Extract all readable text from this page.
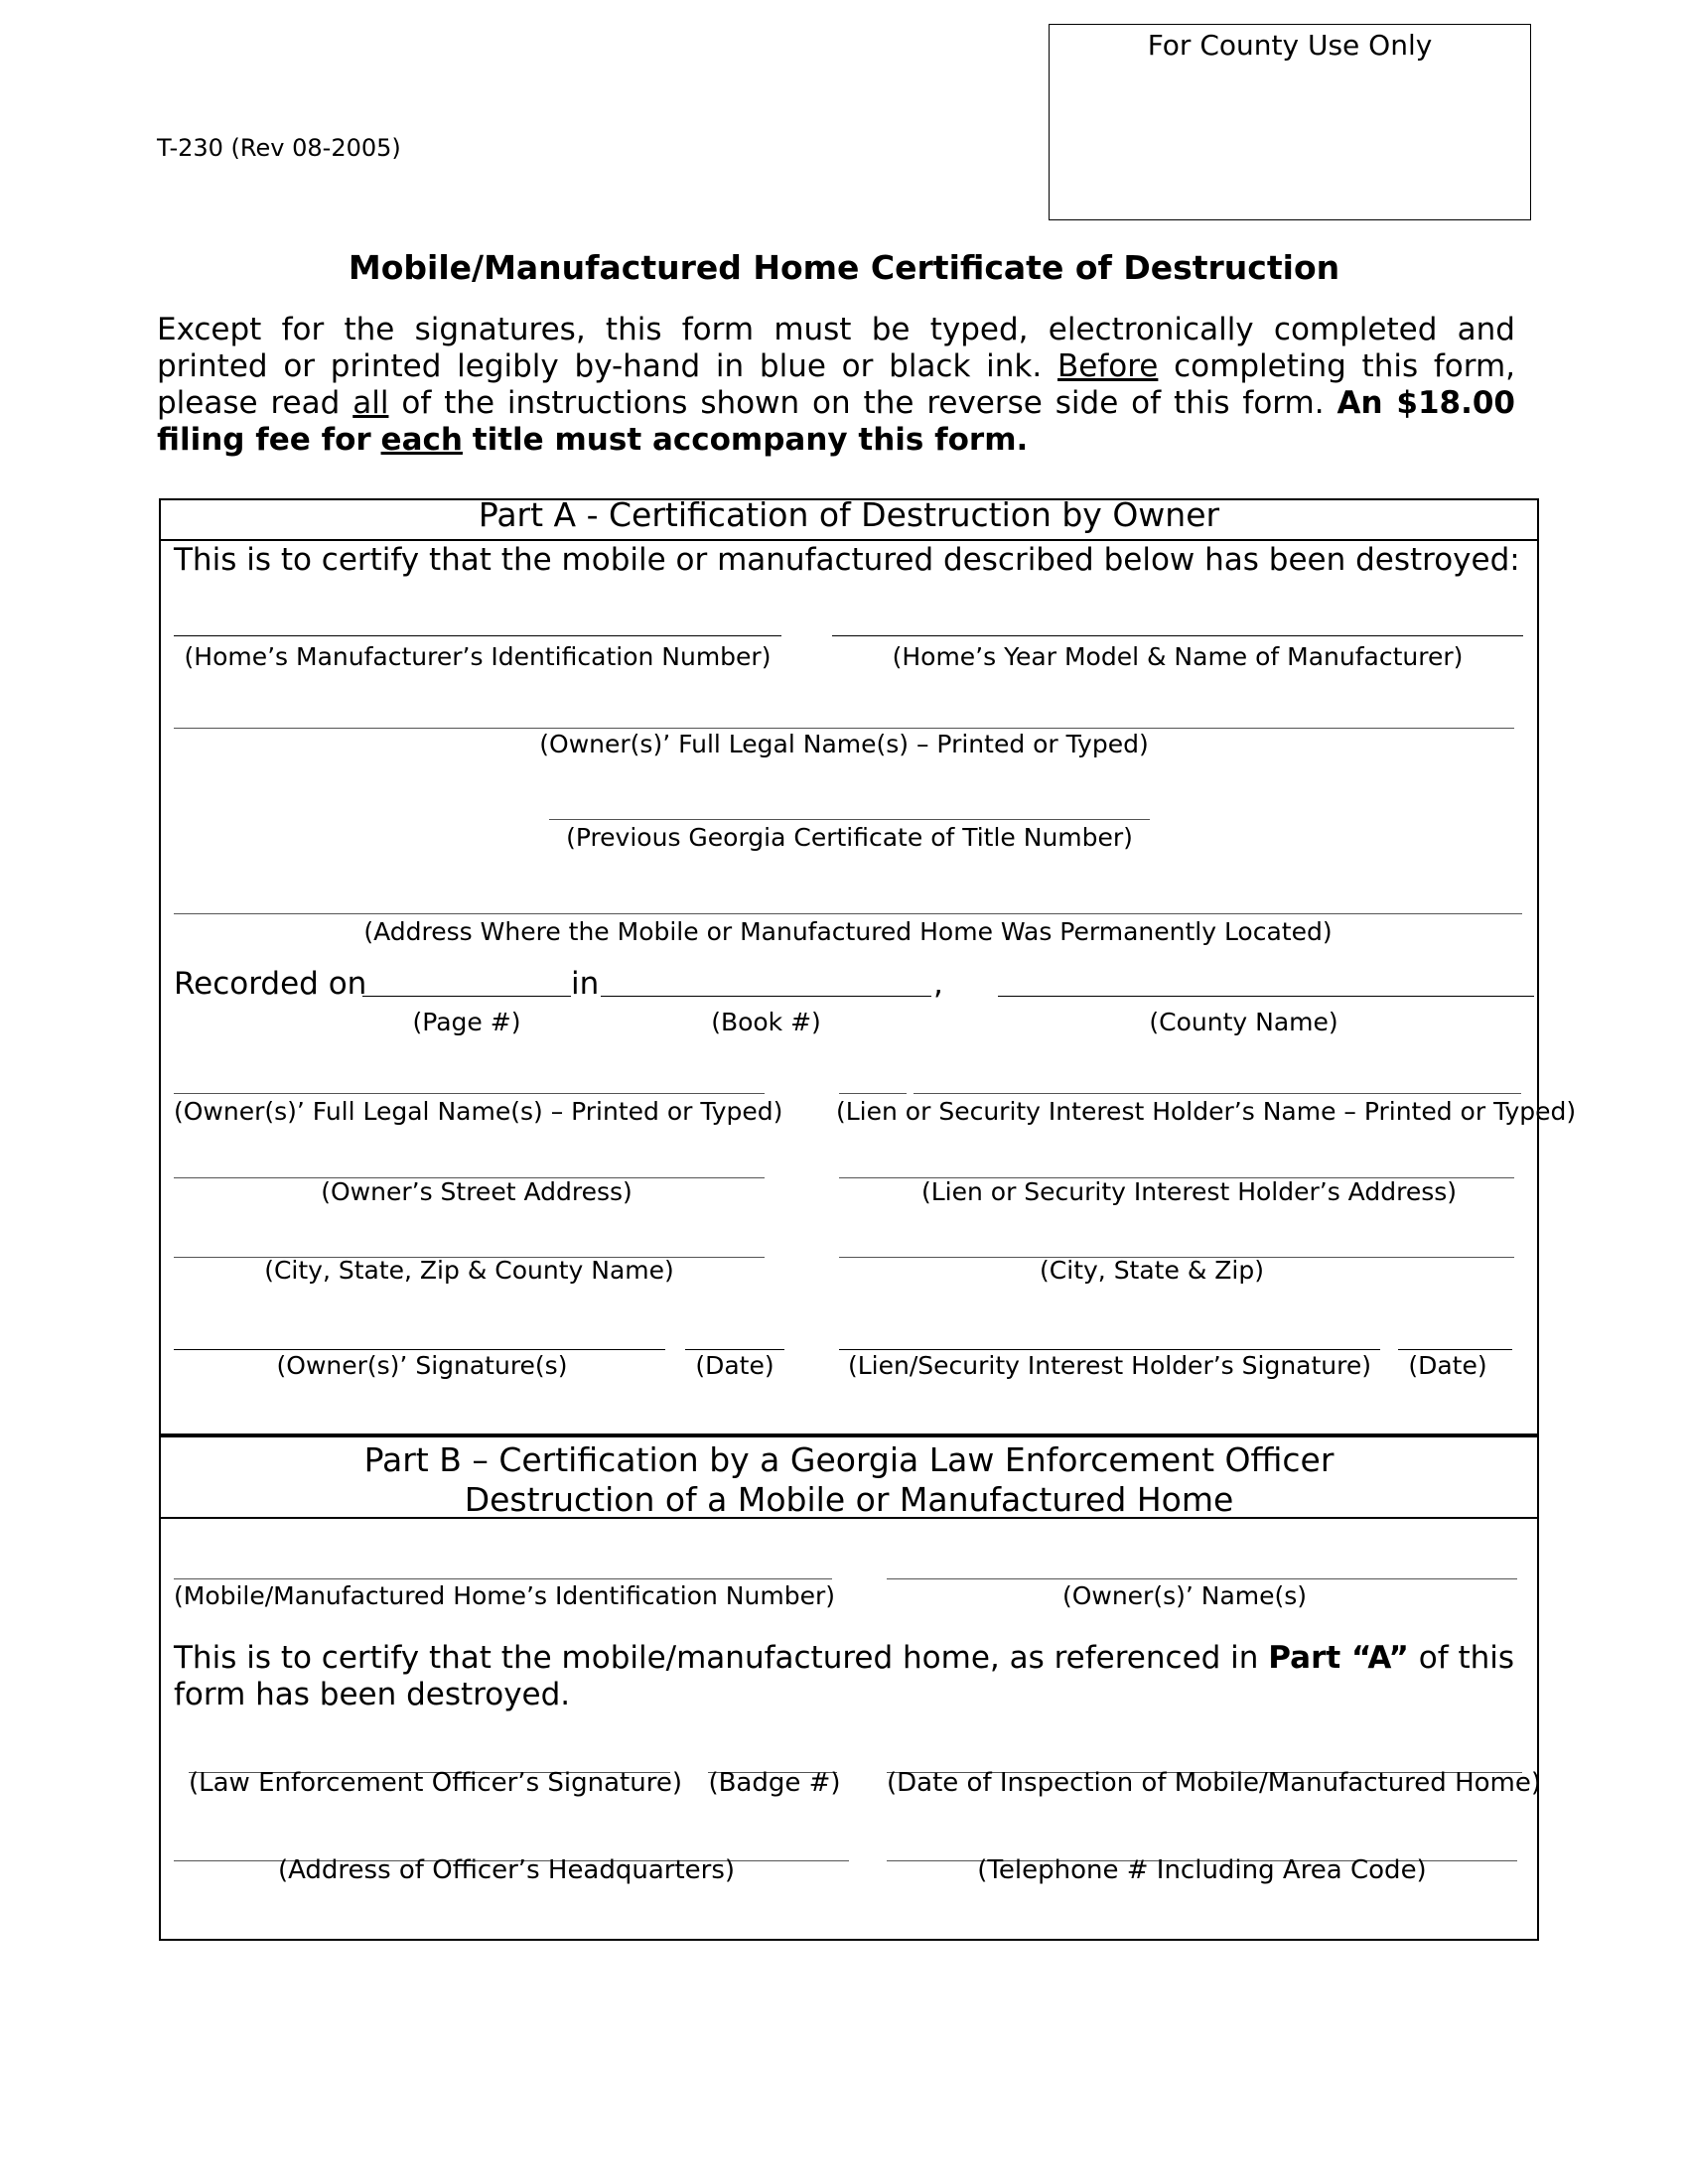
T-230 (Rev 08-2005)
For County Use Only
Mobile/Manufactured Home Certificate of Destruction
Except for the signatures, this form must be typed, electronically completed and printed or printed legibly by-hand in blue or black ink. Before completing this form, please read all of the instructions shown on the reverse side of this form. An $18.00 filing fee for each title must accompany this form.
Part A - Certification of Destruction by Owner
This is to certify that the mobile or manufactured described below has been destroyed:
(Home’s Manufacturer’s Identification Number)	(Home’s Year Model & Name of Manufacturer)
(Owner(s)’ Full Legal Name(s) – Printed or Typed)
(Previous Georgia Certificate of Title Number)
(Address Where the Mobile or Manufactured Home Was Permanently Located)
Recorded on	in	,
(Page #)	(Book #)	(County Name)
(Owner(s)’ Full Legal Name(s) – Printed or Typed) (Lien or Security Interest Holder’s Name – Printed or Typed)
(Owner’s Street Address)	(Lien or Security Interest Holder’s Address)
(City, State, Zip & County Name)	(City, State & Zip)
(Owner(s)’ Signature(s)	(Date)	(Lien/Security Interest Holder’s Signature)	(Date)
Part B – Certification by a Georgia Law Enforcement Officer
Destruction of a Mobile or Manufactured Home
(Mobile/Manufactured Home’s Identification Number)	(Owner(s)’ Name(s)
This is to certify that the mobile/manufactured home, as referenced in Part “A” of this
form has been destroyed.
(Law Enforcement Officer’s Signature)	(Badge #)	(Date of Inspection of Mobile/Manufactured Home)
(Address of Officer’s Headquarters)	(Telephone # Including Area Code)
